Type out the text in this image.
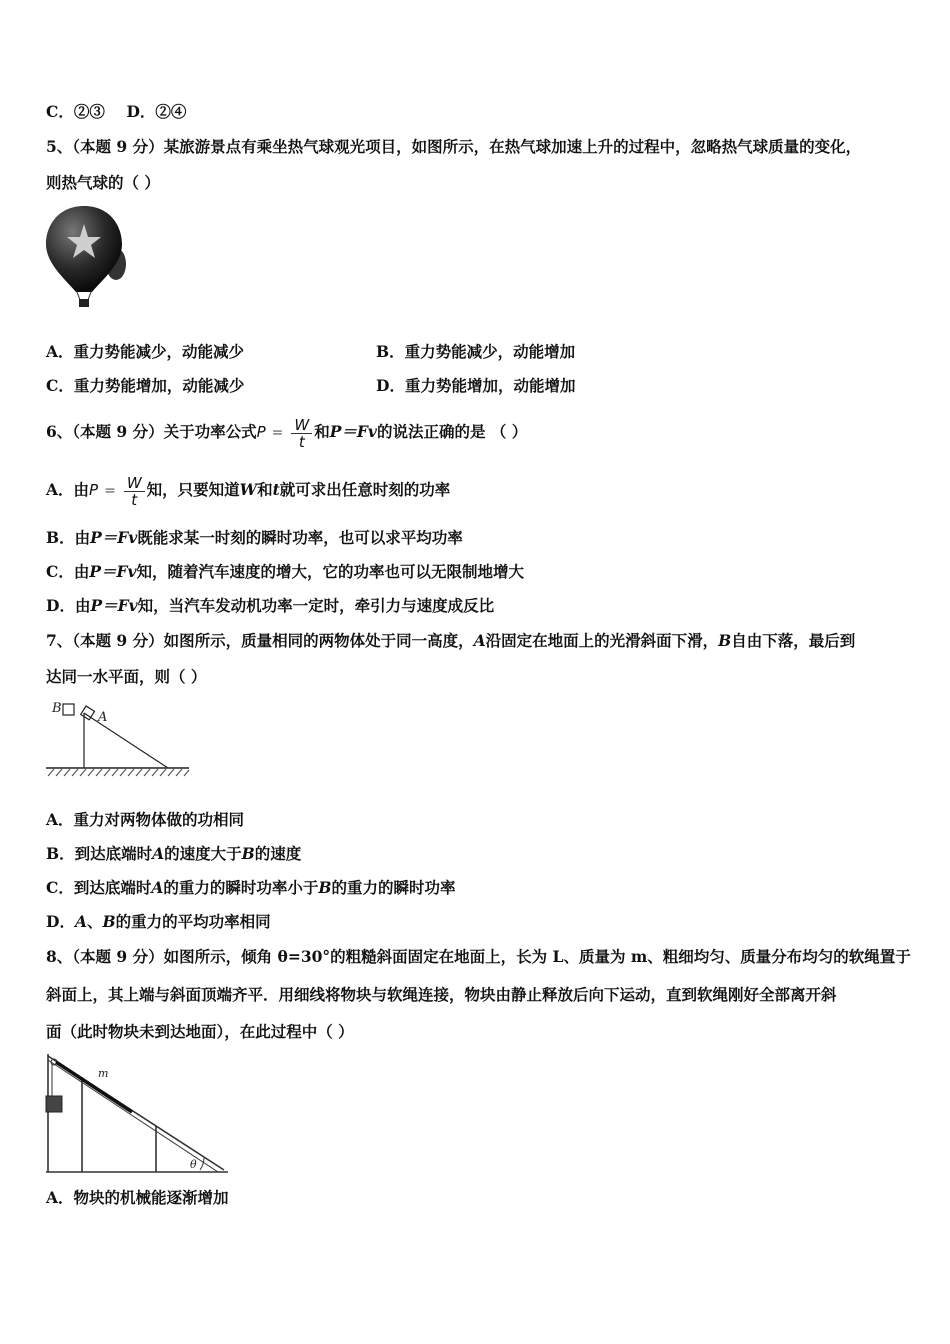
C．②③ D．②④
5、（本题 9 分）某旅游景点有乘坐热气球观光项目，如图所示，在热气球加速上升的过程中，忽略热气球质量的变化，
则热气球的（ ）
A．重力势能减少，动能减少	B．重力势能减少，动能增加
C．重力势能增加，动能减少	D．重力势能增加，动能增加
6、（本题 9 分）关于功率公式$P = \frac{W}{t}$ 和P＝Fv的说法正确的是 （ ）
A．由$P = \frac{W}{t}$ 知，只要知道W和t就可求出任意时刻的功率
B．由P＝Fv既能求某一时刻的瞬时功率，也可以求平均功率
C．由P＝Fv知，随着汽车速度的增大，它的功率也可以无限制地增大
D．由P＝Fv知，当汽车发动机功率一定时，牵引力与速度成反比
7、（本题 9 分）如图所示，质量相同的两物体处于同一高度，A沿固定在地面上的光滑斜面下滑，B自由下落，最后到
达同一水平面，则（ ）
B
A
A．重力对两物体做的功相同
B．到达底端时A的速度大于B的速度
C．到达底端时A的重力的瞬时功率小于B的重力的瞬时功率
D．A、B的重力的平均功率相同
8、（本题 9 分）如图所示，倾角 θ=30°的粗糙斜面固定在地面上，长为 L、质量为 m、粗细均匀、质量分布均匀的软绳置于
斜面上，其上端与斜面顶端齐平．用细线将物块与软绳连接，物块由静止释放后向下运动，直到软绳刚好全部离开斜
面（此时物块未到达地面），在此过程中（ ）
m
θ
A．物块的机械能逐渐增加
